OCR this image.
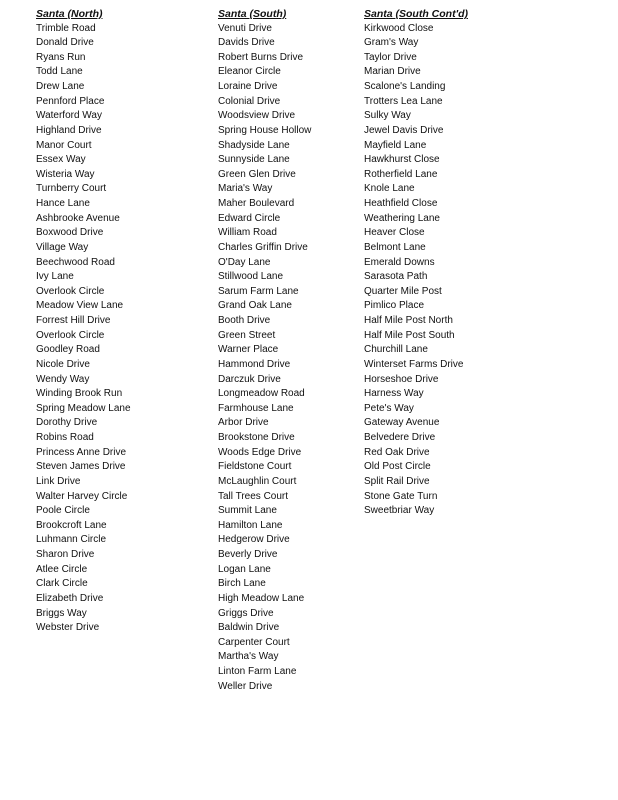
Santa (North)
Trimble Road
Donald Drive
Ryans Run
Todd Lane
Drew Lane
Pennford Place
Waterford Way
Highland Drive
Manor Court
Essex Way
Wisteria Way
Turnberry Court
Hance Lane
Ashbrooke Avenue
Boxwood Drive
Village Way
Beechwood Road
Ivy Lane
Overlook Circle
Meadow View Lane
Forrest Hill Drive
Overlook Circle
Goodley Road
Nicole Drive
Wendy Way
Winding Brook Run
Spring Meadow Lane
Dorothy Drive
Robins Road
Princess Anne Drive
Steven James Drive
Link Drive
Walter Harvey Circle
Poole Circle
Brookcroft Lane
Luhmann Circle
Sharon Drive
Atlee Circle
Clark Circle
Elizabeth Drive
Briggs Way
Webster Drive
Santa (South)
Venuti Drive
Davids Drive
Robert Burns Drive
Eleanor Circle
Loraine Drive
Colonial Drive
Woodsview Drive
Spring House Hollow
Shadyside Lane
Sunnyside Lane
Green Glen Drive
Maria's Way
Maher Boulevard
Edward Circle
William Road
Charles Griffin Drive
O'Day Lane
Stillwood Lane
Sarum Farm Lane
Grand Oak Lane
Booth Drive
Green Street
Warner Place
Hammond Drive
Darczuk Drive
Longmeadow Road
Farmhouse Lane
Arbor Drive
Brookstone Drive
Woods Edge Drive
Fieldstone Court
McLaughlin Court
Tall Trees Court
Summit Lane
Hamilton Lane
Hedgerow Drive
Beverly Drive
Logan Lane
Birch Lane
High Meadow Lane
Griggs Drive
Baldwin Drive
Carpenter Court
Martha's Way
Linton Farm Lane
Weller Drive
Santa (South Cont'd)
Kirkwood Close
Gram's Way
Taylor Drive
Marian Drive
Scalone's Landing
Trotters Lea Lane
Sulky Way
Jewel Davis Drive
Mayfield Lane
Hawkhurst Close
Rotherfield Lane
Knole Lane
Heathfield Close
Weathering Lane
Heaver Close
Belmont Lane
Emerald Downs
Sarasota Path
Quarter Mile Post
Pimlico Place
Half Mile Post North
Half Mile Post South
Churchill Lane
Winterset Farms Drive
Horseshoe Drive
Harness Way
Pete's Way
Gateway Avenue
Belvedere Drive
Red Oak Drive
Old Post Circle
Split Rail Drive
Stone Gate Turn
Sweetbriar Way
